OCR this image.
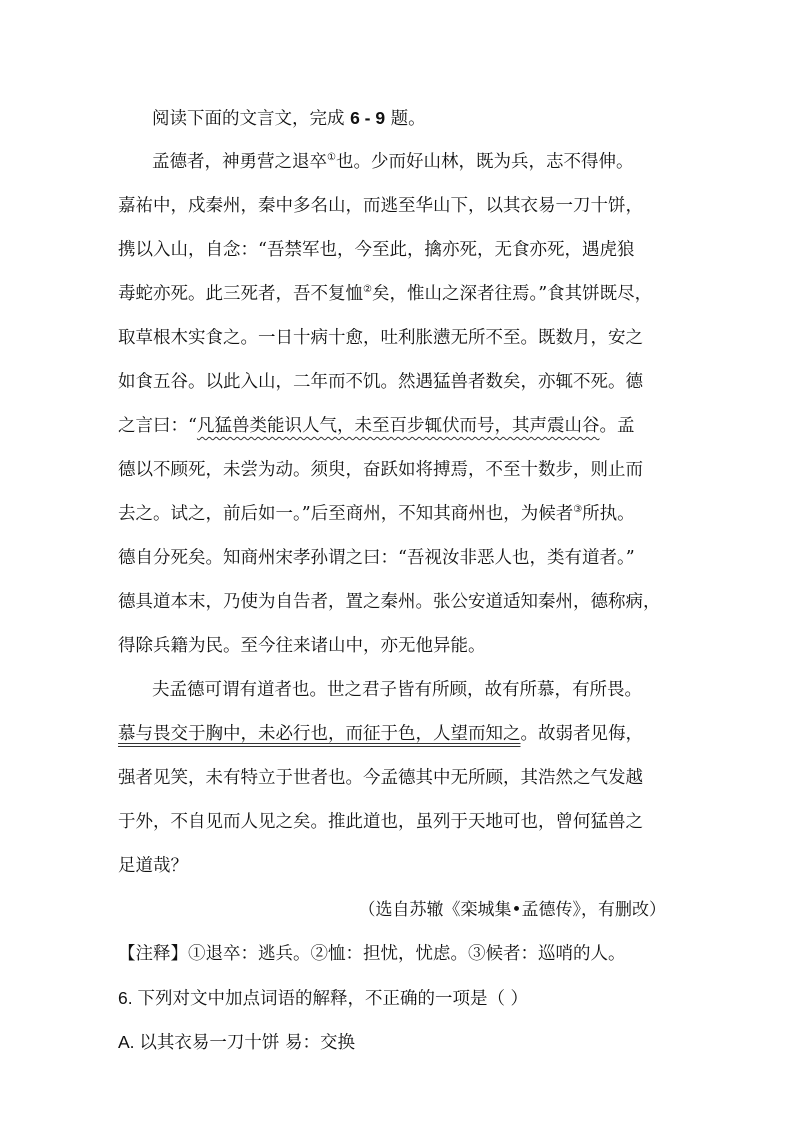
阅读下面的文言文，完成 6 - 9 题。
孟德者，神勇营之退卒①也。少而好山林，既为兵，志不得伸。
嘉祐中，戍秦州，秦中多名山，而逃至华山下，以其衣易一刀十饼，
携以入山，自念：“吾禁军也，今至此，擒亦死，无食亦死，遇虎狼
毒蛇亦死。此三死者，吾不复恤②矣，惟山之深者往焉。”食其饼既尽，
取草根木实食之。一日十病十愈，吐利胀懑无所不至。既数月，安之
如食五谷。以此入山，二年而不饥。然遇猛兽者数矣，亦辄不死。德
之言曰：“凡猛兽类能识人气，未至百步辄伏而号，其声震山谷。孟
德以不顾死，未尝为动。须臾，奋跃如将搏焉，不至十数步，则止而
去之。试之，前后如一。”后至商州，不知其商州也，为候者③所执。
德自分死矣。知商州宋孝孙谓之曰：“吾视汝非恶人也，类有道者。”
德具道本末，乃使为自告者，置之秦州。张公安道适知秦州，德称病，
得除兵籍为民。至今往来诸山中，亦无他异能。
夫孟德可谓有道者也。世之君子皆有所顾，故有所慕，有所畏。
慕与畏交于胸中，未必行也，而征于色，人望而知之。故弱者见侮，
强者见笑，未有特立于世者也。今孟德其中无所顾，其浩然之气发越
于外，不自见而人见之矣。推此道也，虽列于天地可也，曾何猛兽之
足道哉？
（选自苏辙《栾城集•孟德传》，有删改）
【注释】①退卒：逃兵。②恤：担忧，忧虑。③候者：巡哨的人。
6. 下列对文中加点词语的解释，不正确的一项是（ ）
A. 以其衣易一刀十饼 易：交换
